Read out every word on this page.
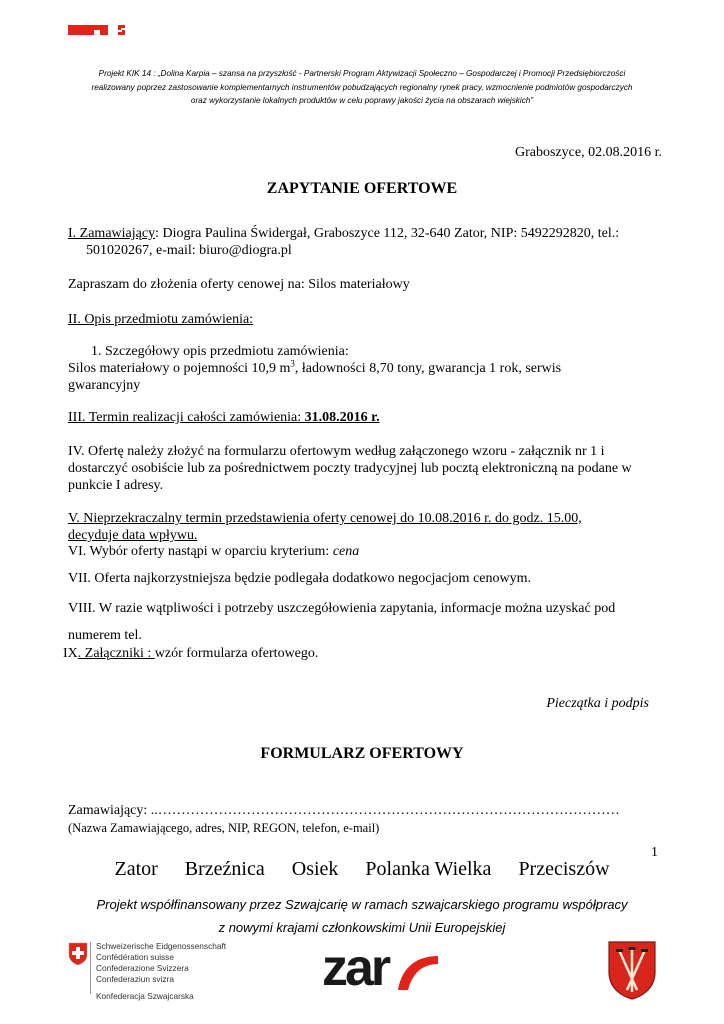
Projekt KIK 14 : „Dolina Karpia – szansa na przyszłość - Partnerski Program Aktywizacji Społeczno – Gospodarczej i Promocji Przedsiębiorczości
realizowany poprzez zastosowanie komplementarnych instrumentów pobudzających regionalny rynek pracy, wzmocnienie podmiotów gospodarczych
oraz wykorzystanie lokalnych produktów w celu poprawy jakości życia na obszarach wiejskich”
Graboszyce, 02.08.2016 r.
ZAPYTANIE OFERTOWE
I. Zamawiający: Diogra Paulina Świdergał, Graboszyce 112, 32-640 Zator, NIP: 5492292820, tel.:
501020267, e-mail: biuro@diogra.pl
Zapraszam do złożenia oferty cenowej na: Silos materiałowy
II. Opis przedmiotu zamówienia:
1. Szczegółowy opis przedmiotu zamówienia:
Silos materiałowy o pojemności 10,9 $m^3$, ładowności 8,70 tony, gwarancja 1 rok, serwis
gwarancyjny
III. Termin realizacji całości zamówienia: 31.08.2016 r.
IV. Ofertę należy złożyć na formularzu ofertowym według załączonego wzoru - załącznik nr 1 i
dostarczyć osobiście lub za pośrednictwem poczty tradycyjnej lub pocztą elektroniczną na podane w
punkcie I adresy.
V. Nieprzekraczalny termin przedstawienia oferty cenowej do 10.08.2016 r. do godz. 15.00,
decyduje data wpływu.
VI. Wybór oferty nastąpi w oparciu kryterium: cena
VII. Oferta najkorzystniejsza będzie podlegała dodatkowo negocjacjom cenowym.
VIII. W razie wątpliwości i potrzeby uszczegółowienia zapytania, informacje można uzyskać pod
numerem tel.
IX. Załączniki : wzór formularza ofertowego.
Pieczątka i podpis
FORMULARZ OFERTOWY
Zamawiający: ..………………………………………………………………………………………
(Nazwa Zamawiającego, adres, NIP, REGON, telefon, e-mail)
1
Zator Brzeźnica Osiek Polanka Wielka Przeciszów
Projekt współfinansowany przez Szwajcarię w ramach szwajcarskiego programu współpracy
z nowymi krajami członkowskimi Unii Europejskiej
Schweizerische Eidgenossenschaft
Confédération suisse
Confederazione Svizzera
Confederaziun svizra
Konfederacja Szwajcarska zar
